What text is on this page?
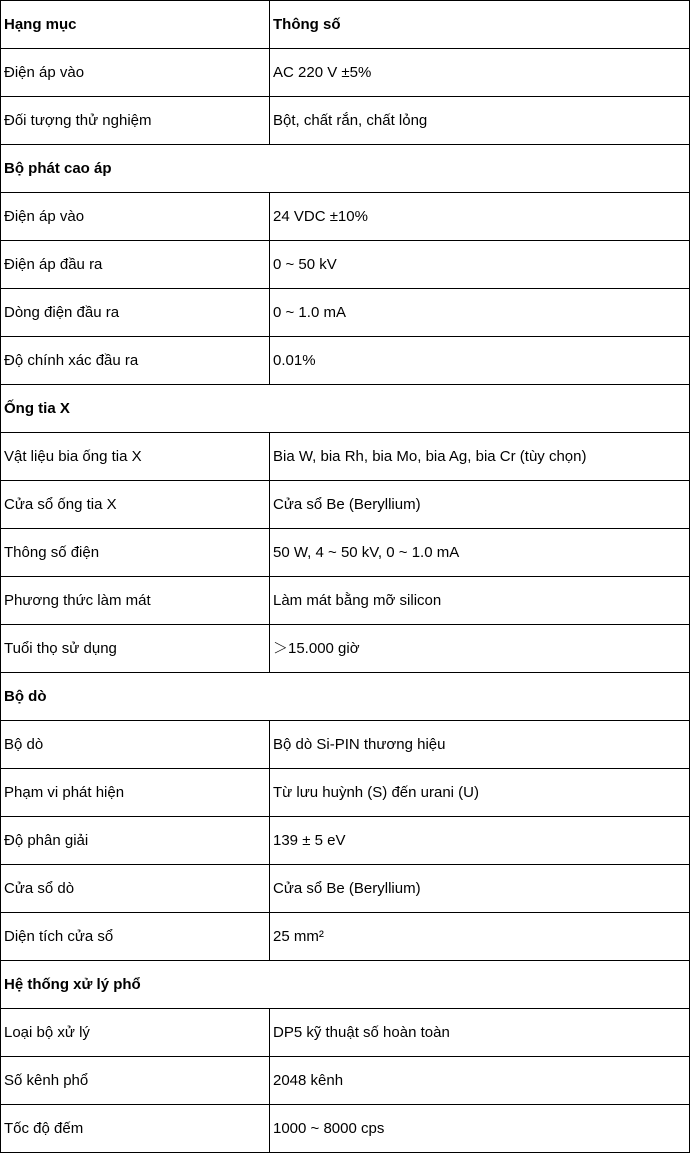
Hạng mục	Thông số
Điện áp vào	AC 220 V ±5%
Đối tượng thử nghiệm	Bột, chất rắn, chất lỏng
Bộ phát cao áp	
Điện áp vào	24 VDC ±10%
Điện áp đầu ra	0 ~ 50 kV
Dòng điện đầu ra	0 ~ 1.0 mA
Độ chính xác đầu ra	0.01%
Ống tia X	
Vật liệu bia ống tia X	Bia W, bia Rh, bia Mo, bia Ag, bia Cr (tùy chọn)
Cửa sổ ống tia X	Cửa sổ Be (Beryllium)
Thông số điện	50 W, 4 ~ 50 kV, 0 ~ 1.0 mA
Phương thức làm mát	Làm mát bằng mỡ silicon
Tuổi thọ sử dụng	＞15.000 giờ
Bộ dò	
Bộ dò	Bộ dò Si-PIN thương hiệu
Phạm vi phát hiện	Từ lưu huỳnh (S) đến urani (U)
Độ phân giải	139 ± 5 eV
Cửa sổ dò	Cửa sổ Be (Beryllium)
Diện tích cửa sổ	25 mm²
Hệ thống xử lý phổ	
Loại bộ xử lý	DP5 kỹ thuật số hoàn toàn
Số kênh phổ	2048 kênh
Tốc độ đếm	1000 ~ 8000 cps
